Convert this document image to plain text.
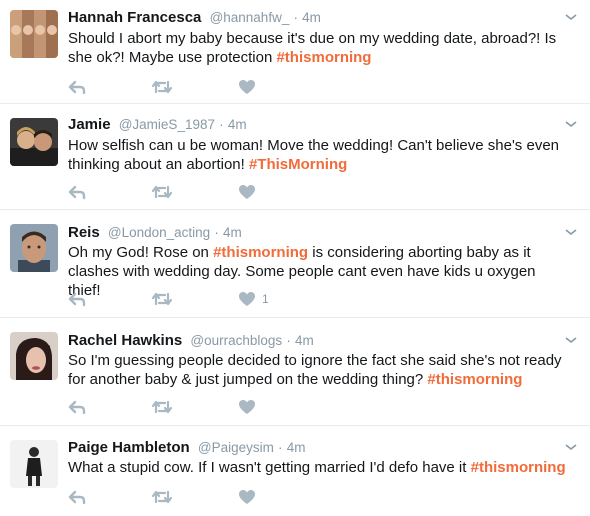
Hannah Francesca @hannahfw_ · 4m
Should I abort my baby because it's due on my wedding date, abroad?! Is she ok?! Maybe use protection #thismorning
Jamie @JamieS_1987 · 4m
How selfish can u be woman! Move the wedding! Can't believe she's even thinking about an abortion! #ThisMorning
Reis @London_acting · 4m
Oh my God! Rose on #thismorning is considering aborting baby as it clashes with wedding day. Some people cant even have kids u oxygen thief!	1
Rachel Hawkins @ourrachblogs · 4m
So I'm guessing people decided to ignore the fact she said she's not ready for another baby & just jumped on the wedding thing? #thismorning
Paige Hambleton @Paigeysim · 4m
What a stupid cow. If I wasn't getting married I'd defo have it #thismorning
